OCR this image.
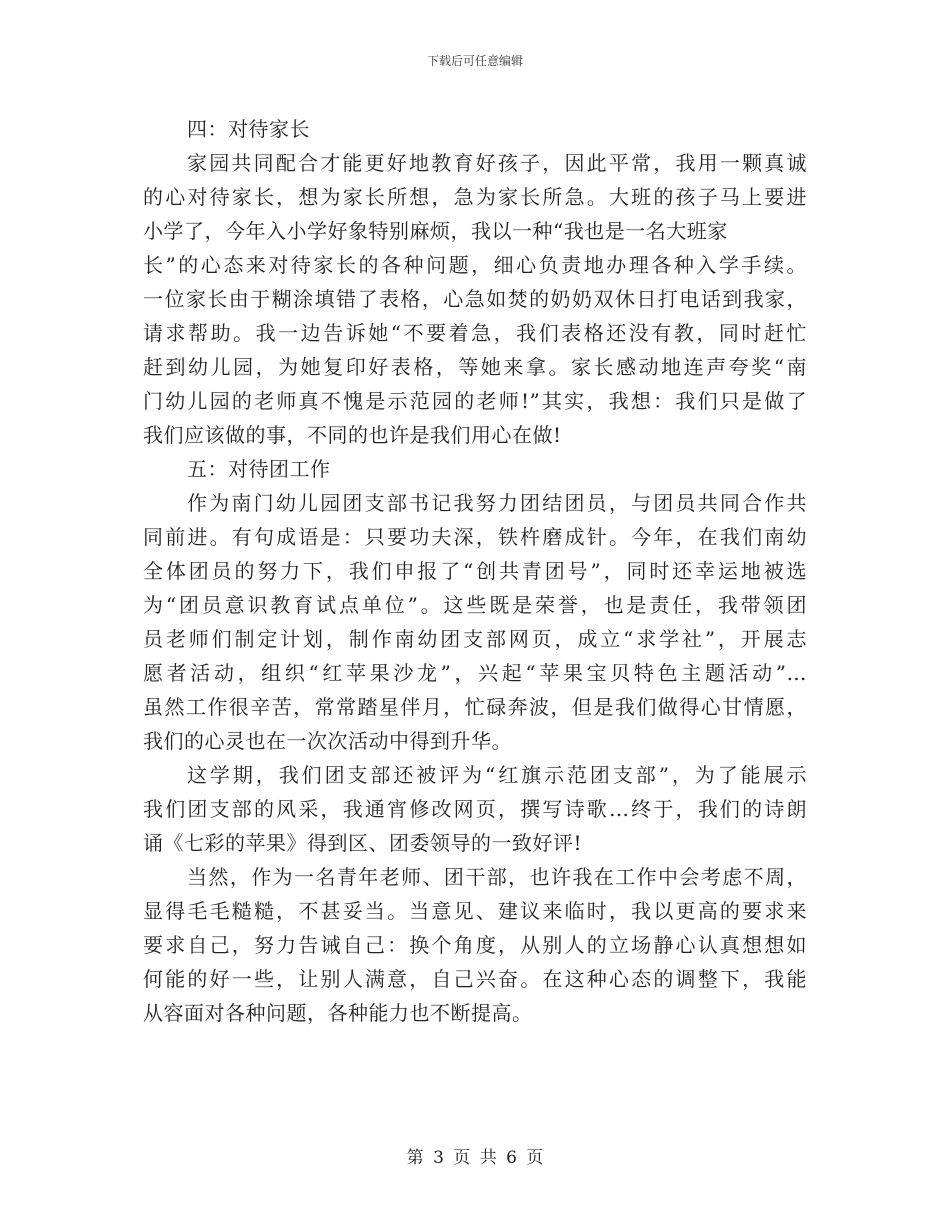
下载后可任意编辑
四：对待家长
家园共同配合才能更好地教育好孩子，因此平常，我用一颗真诚
的心对待家长，想为家长所想，急为家长所急。大班的孩子马上要进
小学了，今年入小学好象特别麻烦，我以一种“我也是一名大班家
长”的心态来对待家长的各种问题，细心负责地办理各种入学手续。
一位家长由于糊涂填错了表格，心急如焚的奶奶双休日打电话到我家，
请求帮助。我一边告诉她“不要着急，我们表格还没有教，同时赶忙
赶到幼儿园，为她复印好表格，等她来拿。家长感动地连声夸奖“南
门幼儿园的老师真不愧是示范园的老师!”其实，我想：我们只是做了
我们应该做的事，不同的也许是我们用心在做!
五：对待团工作
作为南门幼儿园团支部书记我努力团结团员，与团员共同合作共
同前进。有句成语是：只要功夫深，铁杵磨成针。今年，在我们南幼
全体团员的努力下，我们申报了“创共青团号”，同时还幸运地被选
为“团员意识教育试点单位”。这些既是荣誉，也是责任，我带领团
员老师们制定计划，制作南幼团支部网页，成立“求学社”，开展志
愿者活动，组织“红苹果沙龙”，兴起“苹果宝贝特色主题活动”…
虽然工作很辛苦，常常踏星伴月，忙碌奔波，但是我们做得心甘情愿，
我们的心灵也在一次次活动中得到升华。
这学期，我们团支部还被评为“红旗示范团支部”，为了能展示
我们团支部的风采，我通宵修改网页，撰写诗歌…终于，我们的诗朗
诵《七彩的苹果》得到区、团委领导的一致好评!
当然，作为一名青年老师、团干部，也许我在工作中会考虑不周，
显得毛毛糙糙，不甚妥当。当意见、建议来临时，我以更高的要求来
要求自己，努力告诫自己：换个角度，从别人的立场静心认真想想如
何能的好一些，让别人满意，自己兴奋。在这种心态的调整下，我能
从容面对各种问题，各种能力也不断提高。
第 3 页 共 6 页
